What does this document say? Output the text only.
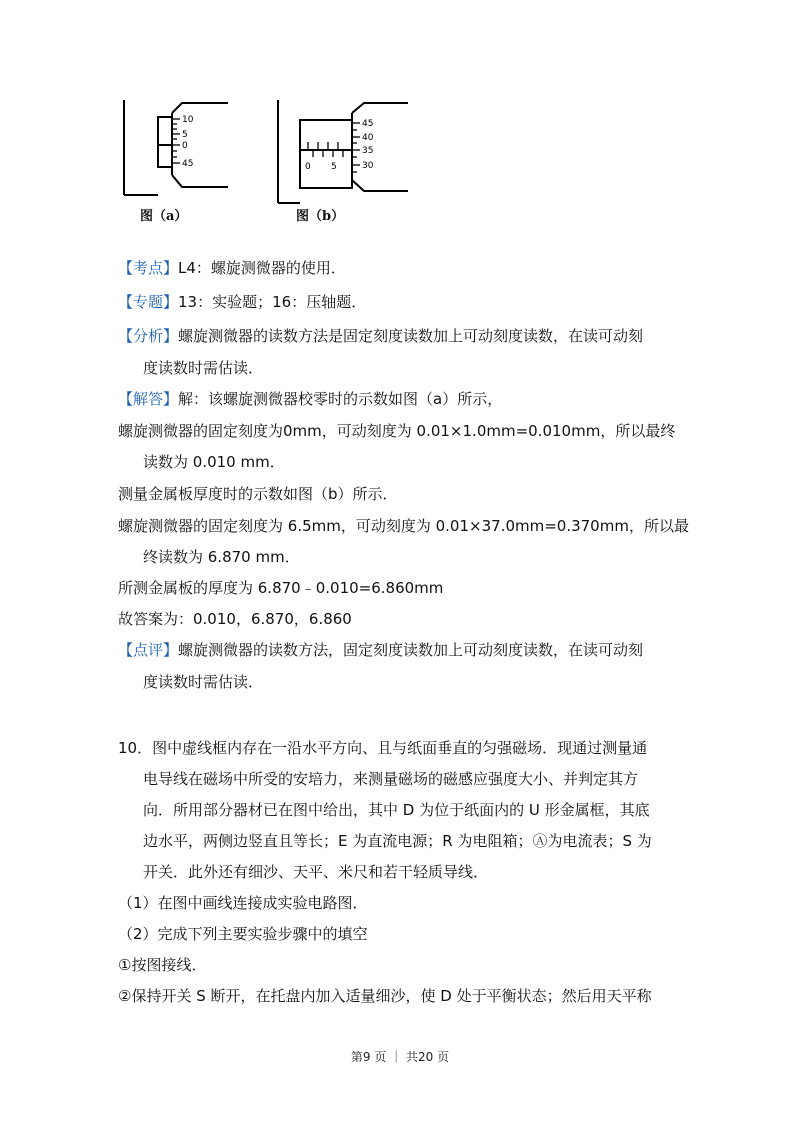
10
5
0
45
45
40
35
30
0 5
图（a）	图（b）
【考点】L4：螺旋测微器的使用．
【专题】13：实验题；16：压轴题．
【分析】螺旋测微器的读数方法是固定刻度读数加上可动刻度读数，在读可动刻
度读数时需估读．
【解答】解：该螺旋测微器校零时的示数如图（a）所示，
螺旋测微器的固定刻度为0mm，可动刻度为 0.01×1.0mm=0.010mm，所以最终
读数为 0.010 mm．
测量金属板厚度时的示数如图（b）所示．
螺旋测微器的固定刻度为 6.5mm，可动刻度为 0.01×37.0mm=0.370mm，所以最
终读数为 6.870 mm．
所测金属板的厚度为 6.870﹣0.010=6.860mm
故答案为：0.010，6.870，6.860
【点评】螺旋测微器的读数方法，固定刻度读数加上可动刻度读数，在读可动刻
度读数时需估读．
10．图中虚线框内存在一沿水平方向、且与纸面垂直的匀强磁场．现通过测量通
电导线在磁场中所受的安培力，来测量磁场的磁感应强度大小、并判定其方
向．所用部分器材已在图中给出，其中 D 为位于纸面内的 U 形金属框，其底
边水平，两侧边竖直且等长；E 为直流电源；R 为电阻箱；Ⓐ为电流表；S 为
开关．此外还有细沙、天平、米尺和若干轻质导线．
（1）在图中画线连接成实验电路图．
（2）完成下列主要实验步骤中的填空
①按图接线．
②保持开关 S 断开，在托盘内加入适量细沙，使 D 处于平衡状态；然后用天平称
第9 页 ｜ 共20 页
